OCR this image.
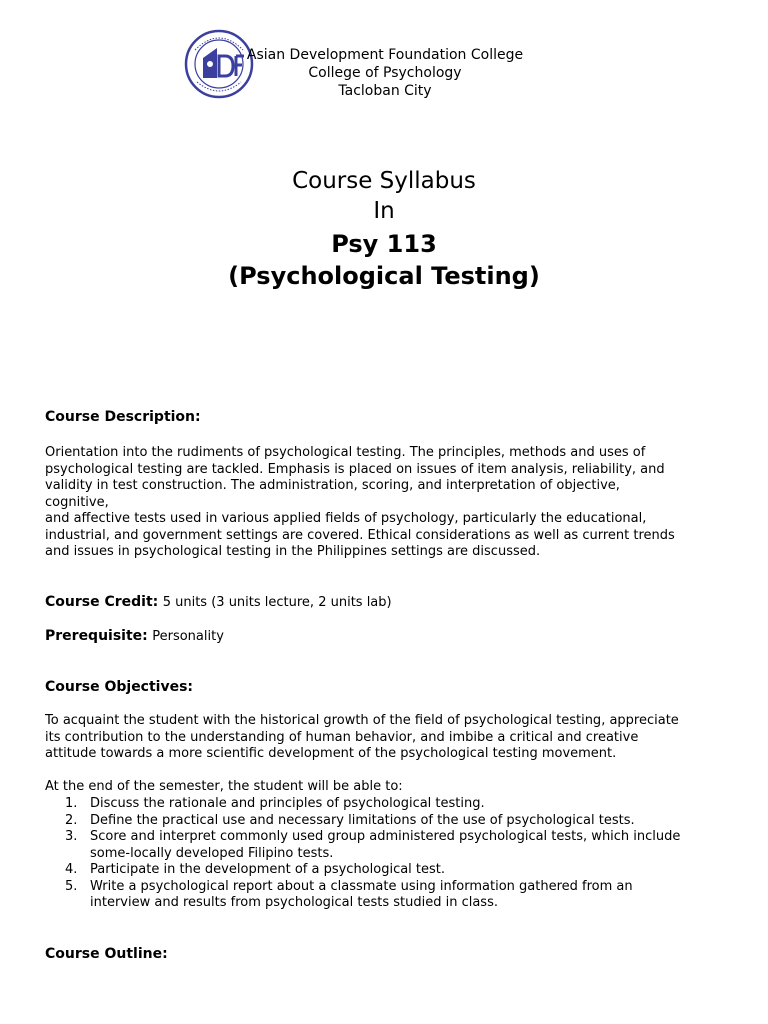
Asian Development Foundation College
College of Psychology
Tacloban City
Course Syllabus
In
Psy 113
(Psychological Testing)
Course Description:
Orientation into the rudiments of psychological testing. The principles, methods and uses of
psychological testing are tackled. Emphasis is placed on issues of item analysis, reliability, and
validity in test construction. The administration, scoring, and interpretation of objective,
cognitive,
and affective tests used in various applied fields of psychology, particularly the educational,
industrial, and government settings are covered. Ethical considerations as well as current trends
and issues in psychological testing in the Philippines settings are discussed.
Course Credit: 5 units (3 units lecture, 2 units lab)
Prerequisite: Personality
Course Objectives:
To acquaint the student with the historical growth of the field of psychological testing, appreciate
its contribution to the understanding of human behavior, and imbibe a critical and creative
attitude towards a more scientific development of the psychological testing movement.
At the end of the semester, the student will be able to:
1. Discuss the rationale and principles of psychological testing.
2. Define the practical use and necessary limitations of the use of psychological tests.
3. Score and interpret commonly used group administered psychological tests, which include
some-locally developed Filipino tests.
4. Participate in the development of a psychological test.
5. Write a psychological report about a classmate using information gathered from an
interview and results from psychological tests studied in class.
Course Outline:
